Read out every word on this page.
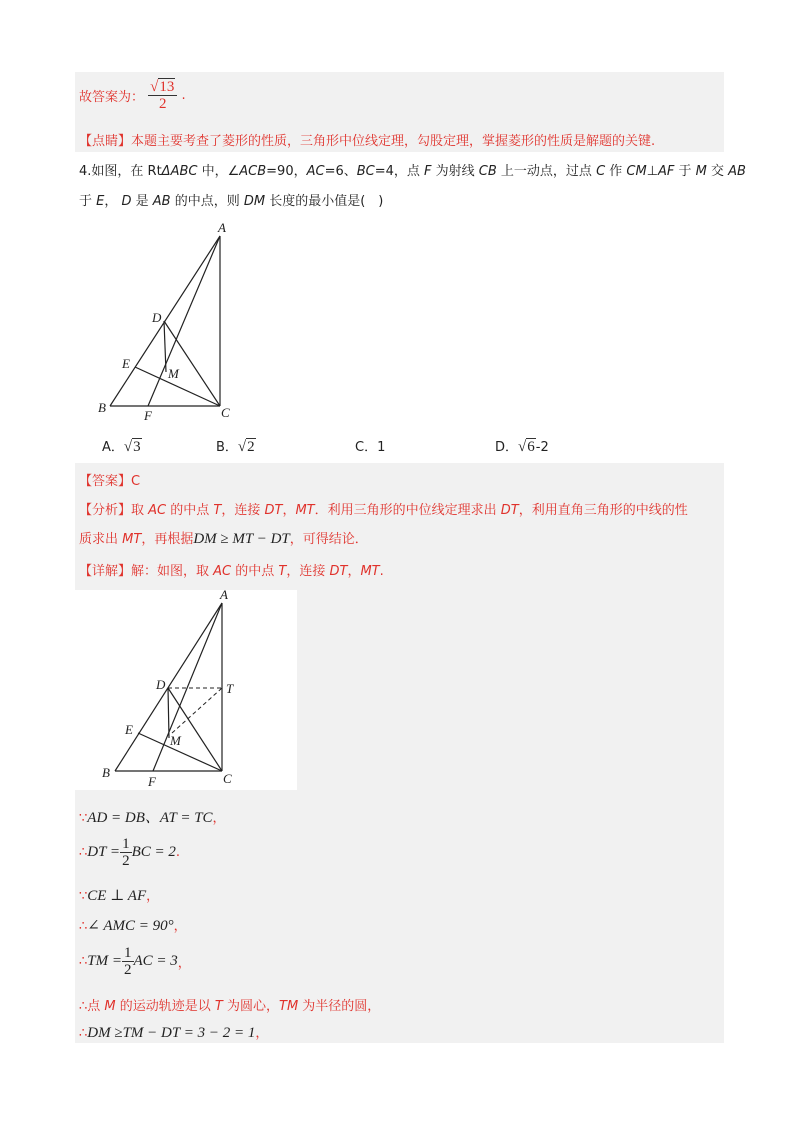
故答案为： $\frac{√13}{2}$ .
【点睛】本题主要考查了菱形的性质，三角形中位线定理，勾股定理，掌握菱形的性质是解题的关键.
4.如图，在 RtΔABC 中，∠ACB=90，AC=6、BC=4，点 F 为射线 CB 上一动点，过点 C 作 CM⊥AF 于 M 交 AB
于 E， D 是 AB 的中点，则 DM 长度的最小值是(　)
A
B	C
D
E
F
M
A．√3	B．√2	C．1	D．√6-2
【答案】C
【分析】取 AC 的中点 T，连接 DT，MT．利用三角形的中位线定理求出 DT，利用直角三角形的中线的性
质求出 MT，再根据DM ≥ MT − DT，可得结论．
【详解】解：如图，取 AC 的中点 T，连接 DT，MT.
A
B	C
D
E
F
M
T
∵AD = DB、AT = TC，
∴DT = $\frac{1}{2}$ BC = 2.
∵CE ⊥ AF，
∴∠ AMC = 90°，
∴TM = $\frac{1}{2}$ AC = 3，
∴点 M 的运动轨迹是以 T 为圆心，TM 为半径的圆，
∴DM ≥TM − DT = 3 − 2 = 1，
